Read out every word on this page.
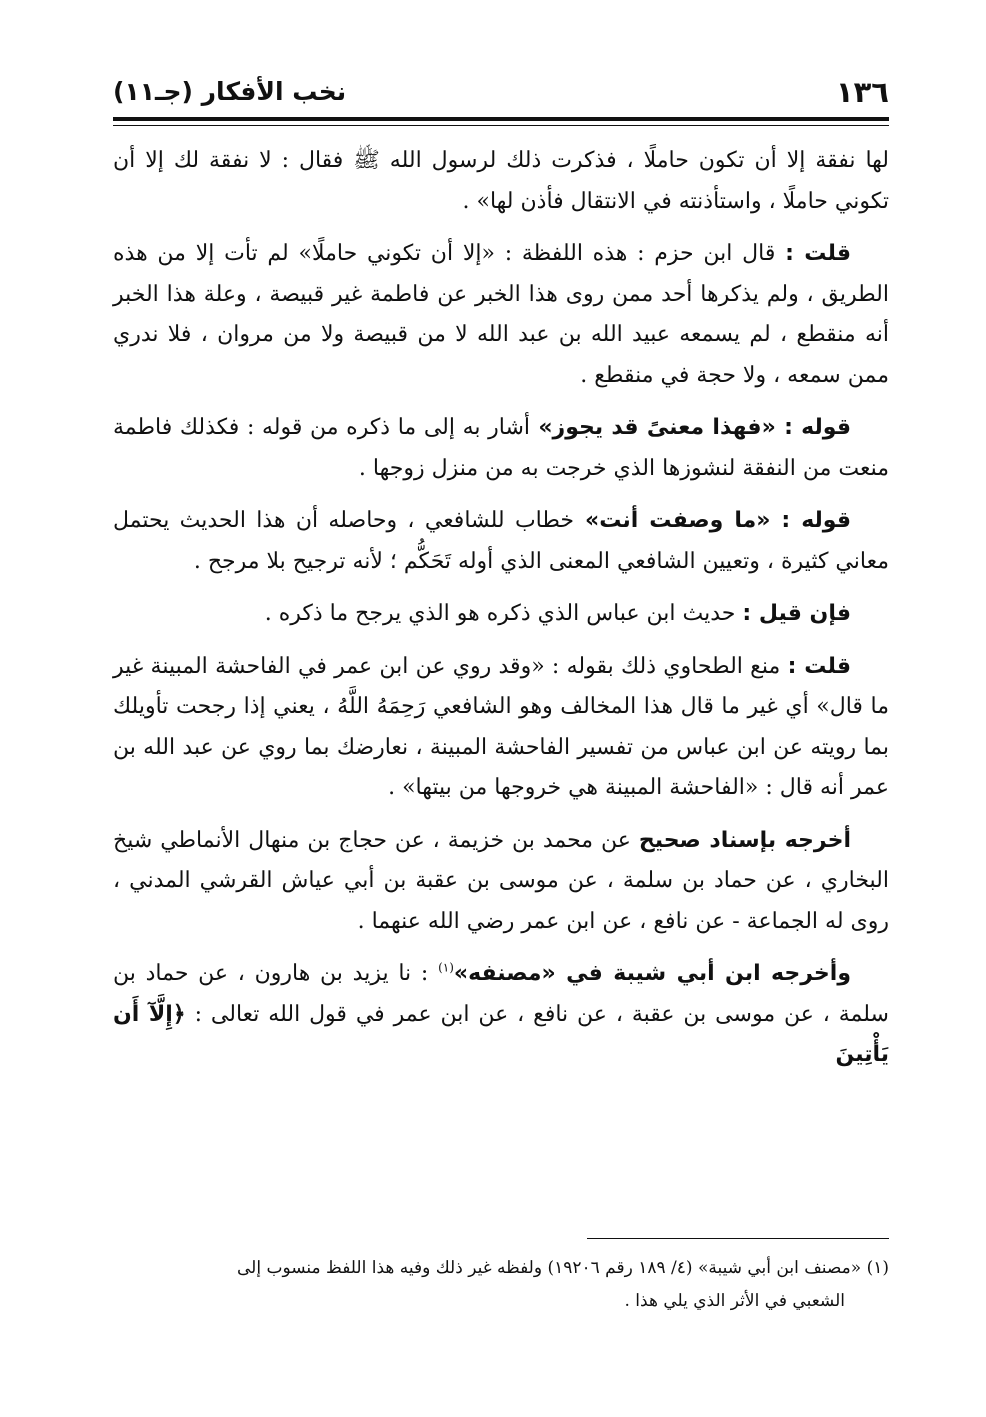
١٣٦
نخب الأفكار (جـ١١)

لها نفقة إلا أن تكون حاملًا ، فذكرت ذلك لرسول الله ﷺ فقال : لا نفقة لك إلا أن تكوني حاملًا ، واستأذنته في الانتقال فأذن لها» .

قلت : قال ابن حزم : هذه اللفظة : «إلا أن تكوني حاملًا» لم تأت إلا من هذه الطريق ، ولم يذكرها أحد ممن روى هذا الخبر عن فاطمة غير قبيصة ، وعلة هذا الخبر أنه منقطع ، لم يسمعه عبيد الله بن عبد الله لا من قبيصة ولا من مروان ، فلا ندري ممن سمعه ، ولا حجة في منقطع .

قوله : «فهذا معنىً قد يجوز» أشار به إلى ما ذكره من قوله : فكذلك فاطمة منعت من النفقة لنشوزها الذي خرجت به من منزل زوجها .

قوله : «ما وصفت أنت» خطاب للشافعي ، وحاصله أن هذا الحديث يحتمل معاني كثيرة ، وتعيين الشافعي المعنى الذي أوله تَحَكُّم ؛ لأنه ترجيح بلا مرجح .

فإن قيل : حديث ابن عباس الذي ذكره هو الذي يرجح ما ذكره .

قلت : منع الطحاوي ذلك بقوله : «وقد روي عن ابن عمر في الفاحشة المبينة غير ما قال» أي غير ما قال هذا المخالف وهو الشافعي رَحِمَهُ اللَّهُ ، يعني إذا رجحت تأويلك بما رويته عن ابن عباس من تفسير الفاحشة المبينة ، نعارضك بما روي عن عبد الله بن عمر أنه قال : «الفاحشة المبينة هي خروجها من بيتها» .

أخرجه بإسناد صحيح عن محمد بن خزيمة ، عن حجاج بن منهال الأنماطي شيخ البخاري ، عن حماد بن سلمة ، عن موسى بن عقبة بن أبي عياش القرشي المدني ، روى له الجماعة - عن نافع ، عن ابن عمر رضي الله عنهما .

وأخرجه ابن أبي شيبة في «مصنفه»$^{(١)}$ : نا يزيد بن هارون ، عن حماد بن سلمة ، عن موسى بن عقبة ، عن نافع ، عن ابن عمر في قول الله تعالى : ﴿إِلَّآ أَن يَأْتِينَ

(١) «مصنف ابن أبي شيبة» (٤/ ١٨٩ رقم ١٩٢٠٦) ولفظه غير ذلك وفيه هذا اللفظ منسوب إلى
الشعبي في الأثر الذي يلي هذا .
